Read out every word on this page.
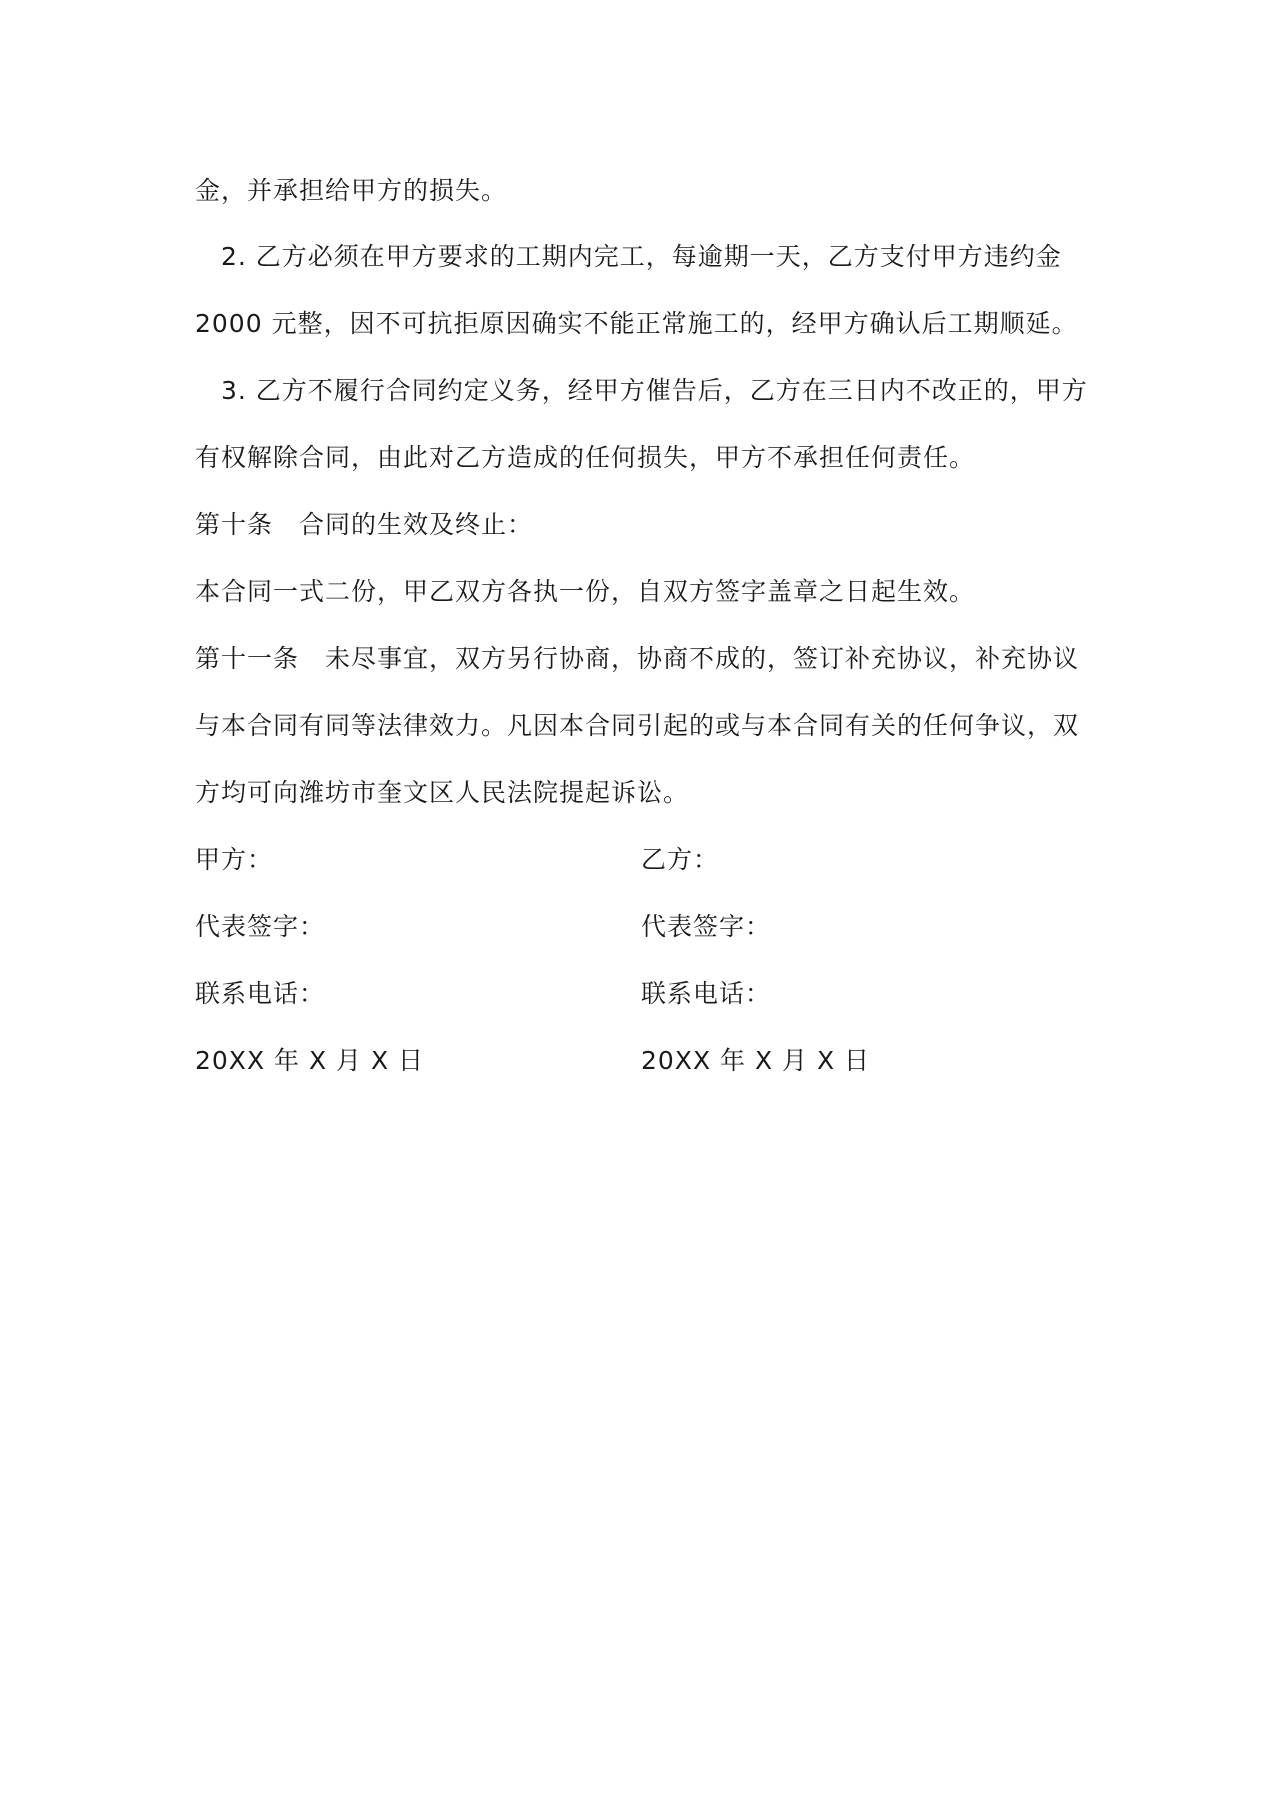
金，并承担给甲方的损失。
2. 乙方必须在甲方要求的工期内完工，每逾期一天，乙方支付甲方违约金
2000 元整，因不可抗拒原因确实不能正常施工的，经甲方确认后工期顺延。
3. 乙方不履行合同约定义务，经甲方催告后，乙方在三日内不改正的，甲方
有权解除合同，由此对乙方造成的任何损失，甲方不承担任何责任。
第十条　合同的生效及终止：
本合同一式二份，甲乙双方各执一份，自双方签字盖章之日起生效。
第十一条　未尽事宜，双方另行协商，协商不成的，签订补充协议，补充协议
与本合同有同等法律效力。凡因本合同引起的或与本合同有关的任何争议，双
方均可向潍坊市奎文区人民法院提起诉讼。
甲方：
代表签字：
联系电话：
20XX 年 X 月 X 日
乙方：
代表签字：
联系电话：
20XX 年 X 月 X 日
